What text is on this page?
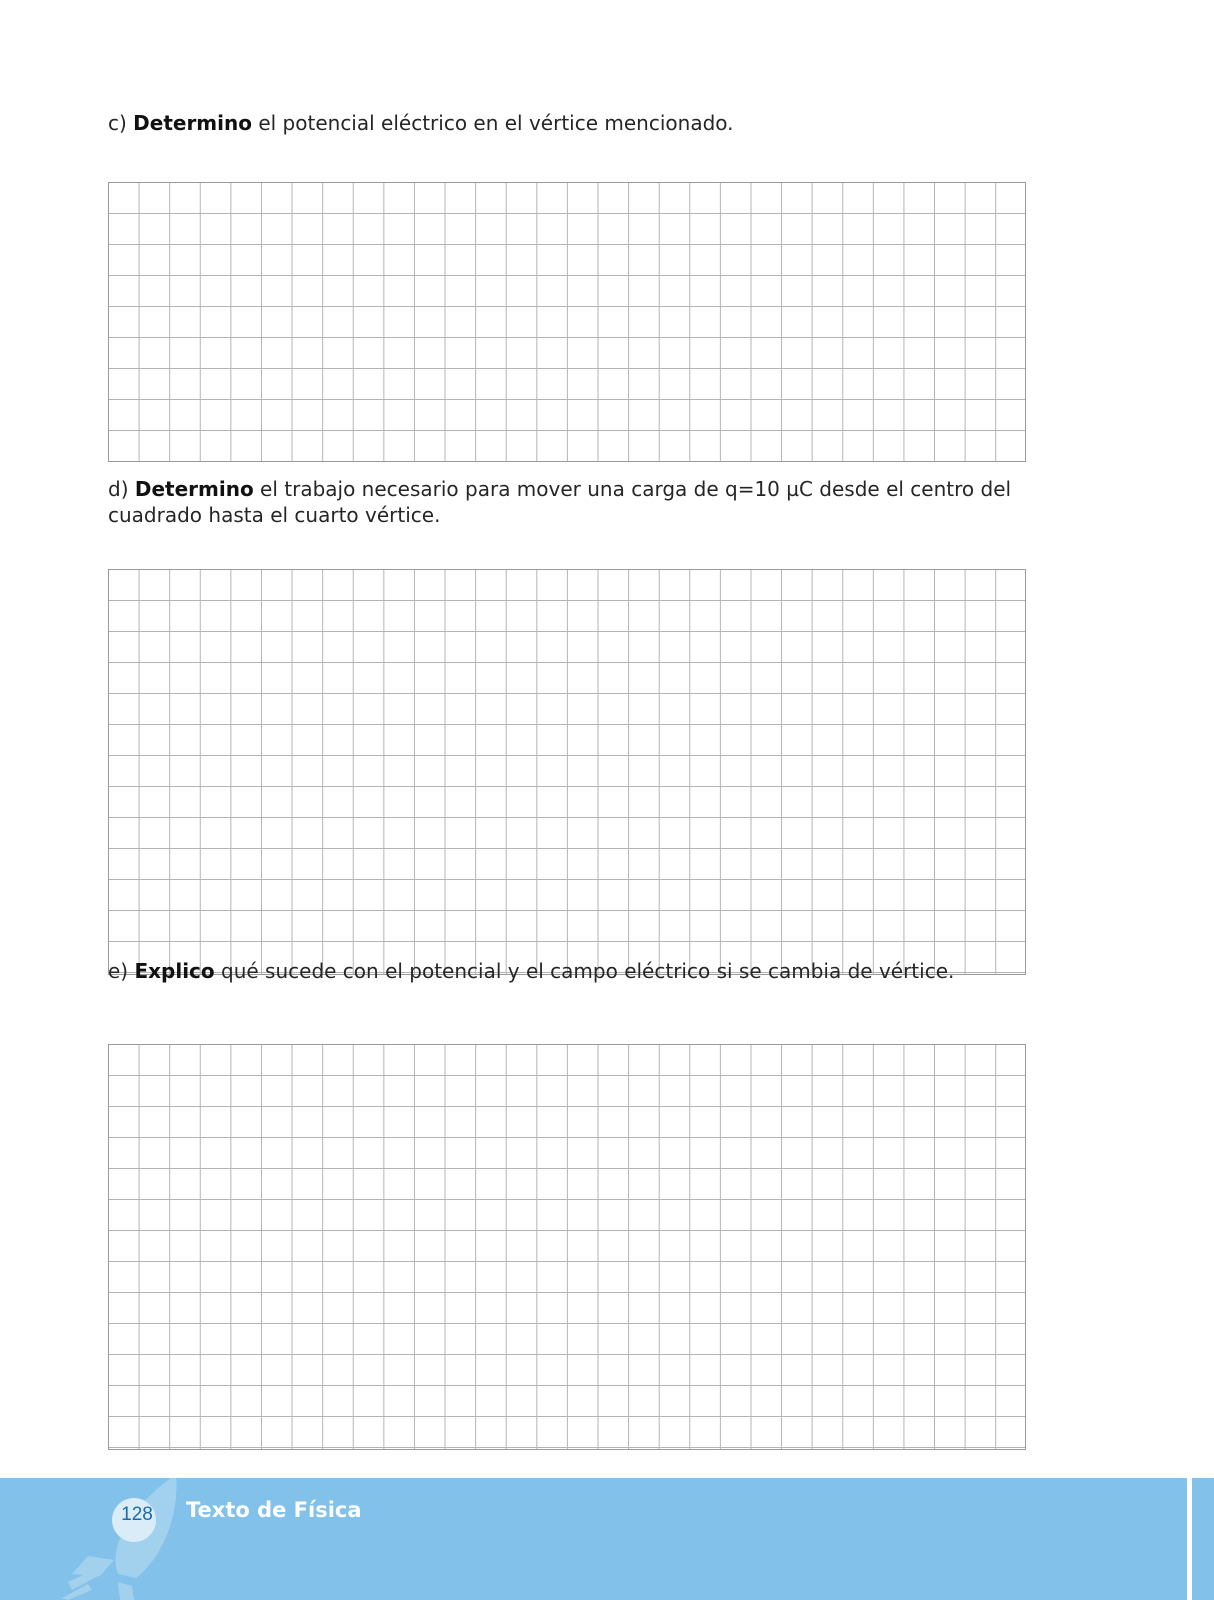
c) Determino el potencial eléctrico en el vértice mencionado.

d) Determino el trabajo necesario para mover una carga de q=10 µC desde el centro del cuadrado hasta el cuarto vértice.

e) Explico qué sucede con el potencial y el campo eléctrico si se cambia de vértice.

128	Texto de Física
